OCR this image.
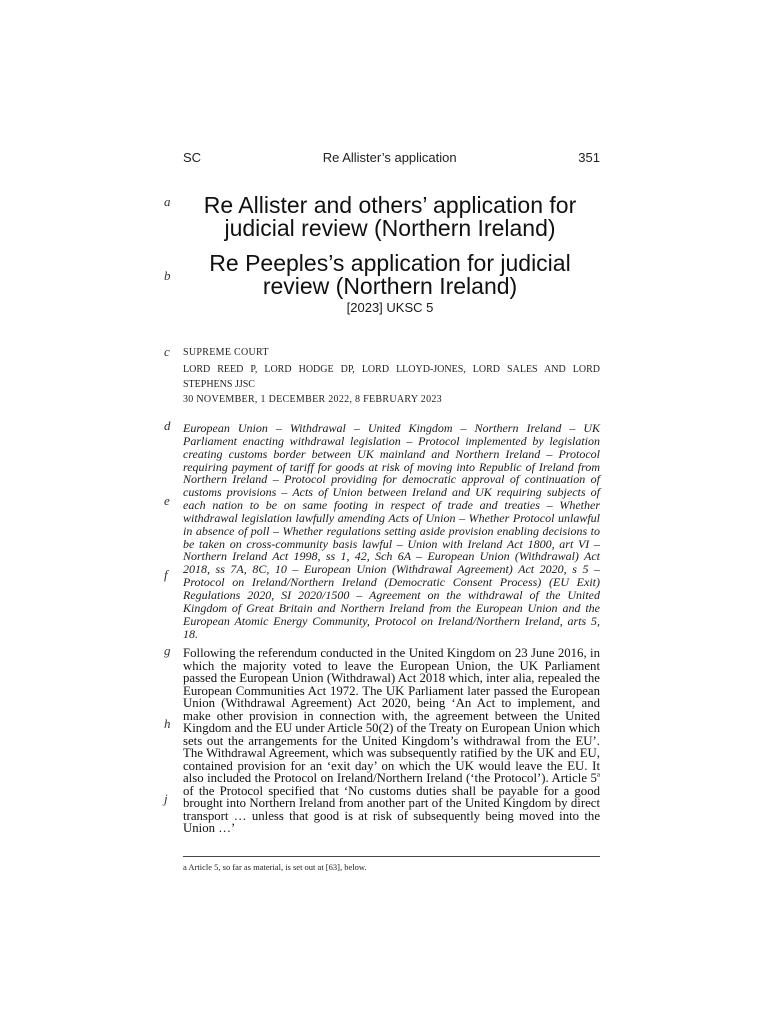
SC	Re Allister’s application	351
a
b
c
d
e
f
g
h
j
Re Allister and others’ application for
judicial review (Northern Ireland)
Re Peeples’s application for judicial
review (Northern Ireland)
[2023] UKSC 5
SUPREME COURT
LORD REED P, LORD HODGE DP, LORD LLOYD-JONES, LORD SALES AND LORD STEPHENS JJSC
30 NOVEMBER, 1 DECEMBER 2022, 8 FEBRUARY 2023
European Union – Withdrawal – United Kingdom – Northern Ireland – UK Parliament enacting withdrawal legislation – Protocol implemented by legislation creating customs border between UK mainland and Northern Ireland – Protocol requiring payment of tariff for goods at risk of moving into Republic of Ireland from Northern Ireland – Protocol providing for democratic approval of continuation of customs provisions – Acts of Union between Ireland and UK requiring subjects of each nation to be on same footing in respect of trade and treaties – Whether withdrawal legislation lawfully amending Acts of Union – Whether Protocol unlawful in absence of poll – Whether regulations setting aside provision enabling decisions to be taken on cross-community basis lawful – Union with Ireland Act 1800, art VI – Northern Ireland Act 1998, ss 1, 42, Sch 6A – European Union (Withdrawal) Act 2018, ss 7A, 8C, 10 – European Union (Withdrawal Agreement) Act 2020, s 5 – Protocol on Ireland/Northern Ireland (Democratic Consent Process) (EU Exit) Regulations 2020, SI 2020/1500 – Agreement on the withdrawal of the United Kingdom of Great Britain and Northern Ireland from the European Union and the European Atomic Energy Community, Protocol on Ireland/Northern Ireland, arts 5, 18.
Following the referendum conducted in the United Kingdom on 23 June 2016, in which the majority voted to leave the European Union, the UK Parliament passed the European Union (Withdrawal) Act 2018 which, inter alia, repealed the European Communities Act 1972. The UK Parliament later passed the European Union (Withdrawal Agreement) Act 2020, being ‘An Act to implement, and make other provision in connection with, the agreement between the United Kingdom and the EU under Article 50(2) of the Treaty on European Union which sets out the arrangements for the United Kingdom’s withdrawal from the EU’. The Withdrawal Agreement, which was subsequently ratified by the UK and EU, contained provision for an ‘exit day’ on which the UK would leave the EU. It also included the Protocol on Ireland/Northern Ireland (‘the Protocol’). Article 5$^a$ of the Protocol specified that ‘No customs duties shall be payable for a good brought into Northern Ireland from another part of the United Kingdom by direct transport … unless that good is at risk of subsequently being moved into the Union …’
a Article 5, so far as material, is set out at [63], below.
